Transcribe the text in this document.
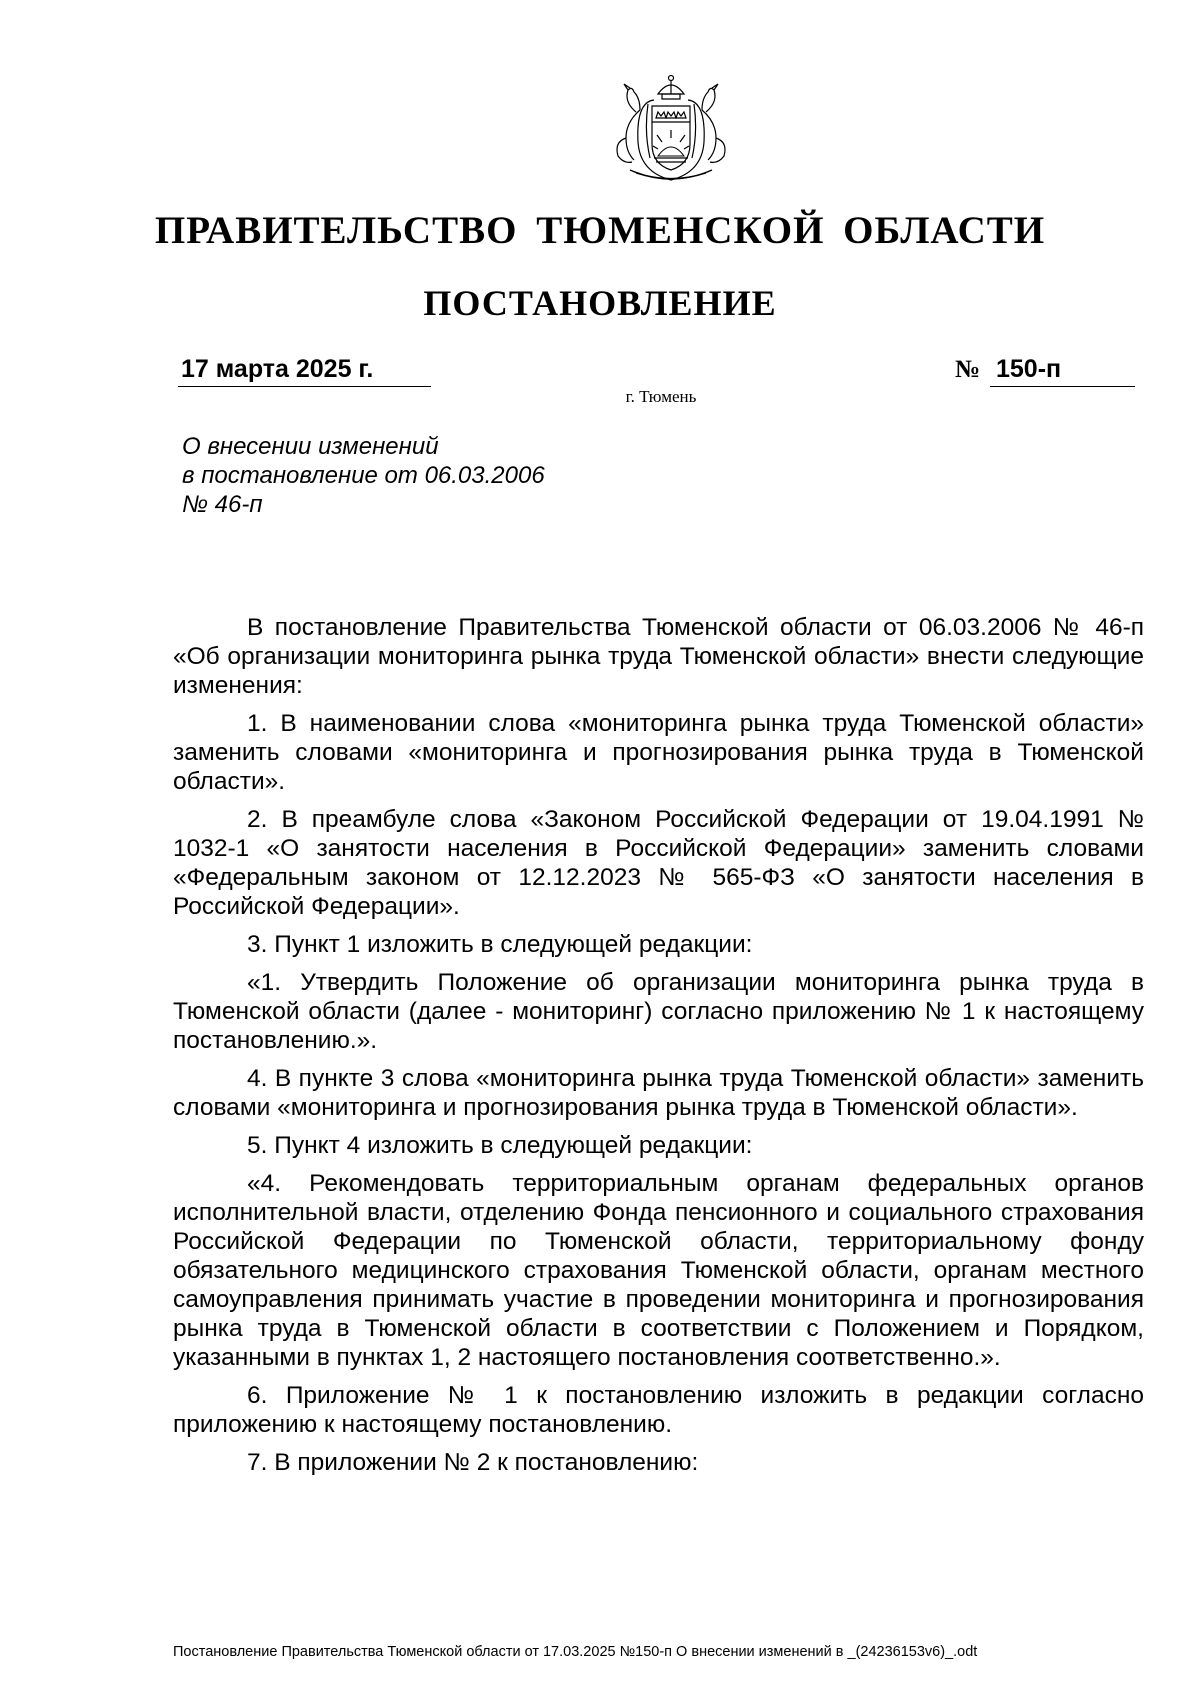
ПРАВИТЕЛЬСТВО ТЮМЕНСКОЙ ОБЛАСТИ
ПОСТАНОВЛЕНИЕ
17 марта 2025 г.	№ 150-п
г. Тюмень
О внесении изменений
в постановление от 06.03.2006
№ 46-п

В постановление Правительства Тюменской области от 06.03.2006 № 46-п «Об организации мониторинга рынка труда Тюменской области» внести следующие изменения:

1. В наименовании слова «мониторинга рынка труда Тюменской области» заменить словами «мониторинга и прогнозирования рынка труда в Тюменской области».

2. В преамбуле слова «Законом Российской Федерации от 19.04.1991 № 1032-1 «О занятости населения в Российской Федерации» заменить словами «Федеральным законом от 12.12.2023 № 565-ФЗ «О занятости населения в Российской Федерации».

3. Пункт 1 изложить в следующей редакции:

«1. Утвердить Положение об организации мониторинга рынка труда в Тюменской области (далее - мониторинг) согласно приложению № 1 к настоящему постановлению.».

4. В пункте 3 слова «мониторинга рынка труда Тюменской области» заменить словами «мониторинга и прогнозирования рынка труда в Тюменской области».

5. Пункт 4 изложить в следующей редакции:

«4. Рекомендовать территориальным органам федеральных органов исполнительной власти, отделению Фонда пенсионного и социального страхования Российской Федерации по Тюменской области, территориальному фонду обязательного медицинского страхования Тюменской области, органам местного самоуправления принимать участие в проведении мониторинга и прогнозирования рынка труда в Тюменской области в соответствии с Положением и Порядком, указанными в пунктах 1, 2 настоящего постановления соответственно.».

6. Приложение № 1 к постановлению изложить в редакции согласно приложению к настоящему постановлению.

7. В приложении № 2 к постановлению:

Постановление Правительства Тюменской области от 17.03.2025 №150-п О внесении изменений в _(24236153v6)_.odt
